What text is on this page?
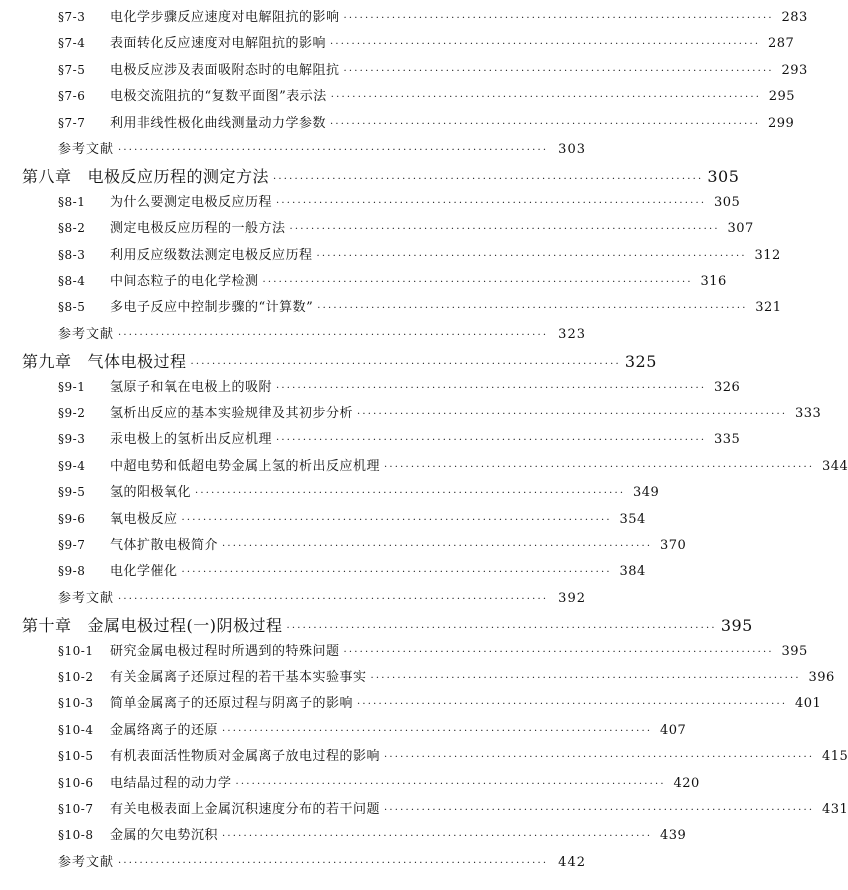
§7-3	电化学步骤反应速度对电解阻抗的影响 ················································································ 283
§7-4	表面转化反应速度对电解阻抗的影响 ················································································ 287
§7-5	电极反应涉及表面吸附态时的电解阻抗 ················································································ 293
§7-6	电极交流阻抗的“复数平面图”表示法 ················································································ 295
§7-7	利用非线性极化曲线测量动力学参数 ················································································ 299
参考文献 ················································································ 303
第八章 电极反应历程的测定方法 ················································································ 305
§8-1	为什么要测定电极反应历程 ················································································ 305
§8-2	测定电极反应历程的一般方法 ················································································ 307
§8-3	利用反应级数法测定电极反应历程 ················································································ 312
§8-4	中间态粒子的电化学检测 ················································································ 316
§8-5	多电子反应中控制步骤的“计算数” ················································································ 321
参考文献 ················································································ 323
第九章 气体电极过程 ················································································ 325
§9-1	氢原子和氧在电极上的吸附 ················································································ 326
§9-2	氢析出反应的基本实验规律及其初步分析 ················································································ 333
§9-3	汞电极上的氢析出反应机理 ················································································ 335
§9-4	中超电势和低超电势金属上氢的析出反应机理 ················································································ 344
§9-5	氢的阳极氧化 ················································································ 349
§9-6	氧电极反应 ················································································ 354
§9-7	气体扩散电极简介 ················································································ 370
§9-8	电化学催化 ················································································ 384
参考文献 ················································································ 392
第十章 金属电极过程(一)阴极过程 ················································································ 395
§10-1	研究金属电极过程时所遇到的特殊问题 ················································································ 395
§10-2	有关金属离子还原过程的若干基本实验事实 ················································································ 396
§10-3	简单金属离子的还原过程与阴离子的影响 ················································································ 401
§10-4	金属络离子的还原 ················································································ 407
§10-5	有机表面活性物质对金属离子放电过程的影响 ················································································ 415
§10-6	电结晶过程的动力学 ················································································ 420
§10-7	有关电极表面上金属沉积速度分布的若干问题 ················································································ 431
§10-8	金属的欠电势沉积 ················································································ 439
参考文献 ················································································ 442
